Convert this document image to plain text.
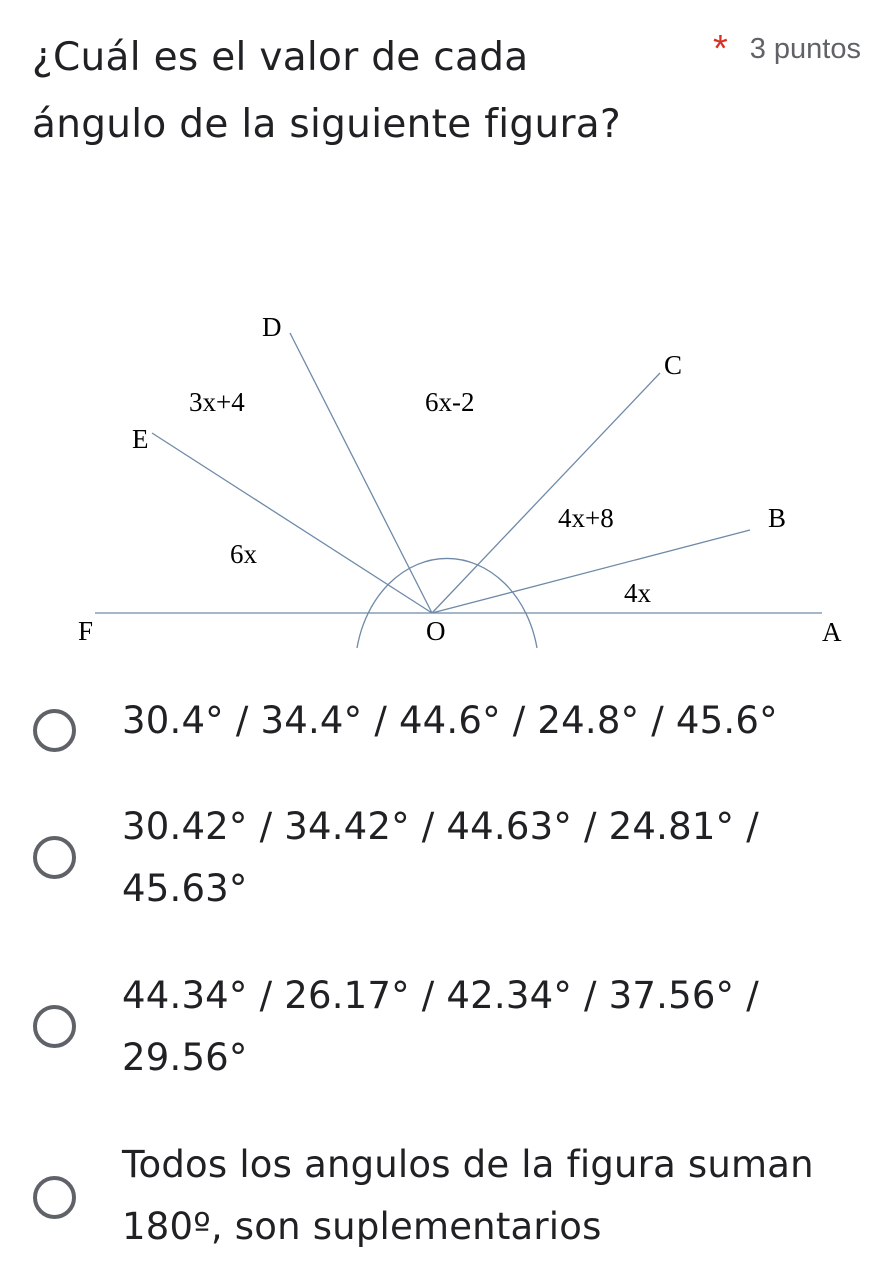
¿Cuál es el valor de cada ángulo de la siguiente figura?
* 3 puntos
D
C
3x+4	6x-2
E
4x+8	B
6x
4x
F	O	A
30.4° / 34.4° / 44.6° / 24.8° / 45.6°
30.42° / 34.42° / 44.63° / 24.81° / 45.63°
44.34° / 26.17° / 42.34° / 37.56° / 29.56°
Todos los angulos de la figura suman 180º, son suplementarios
